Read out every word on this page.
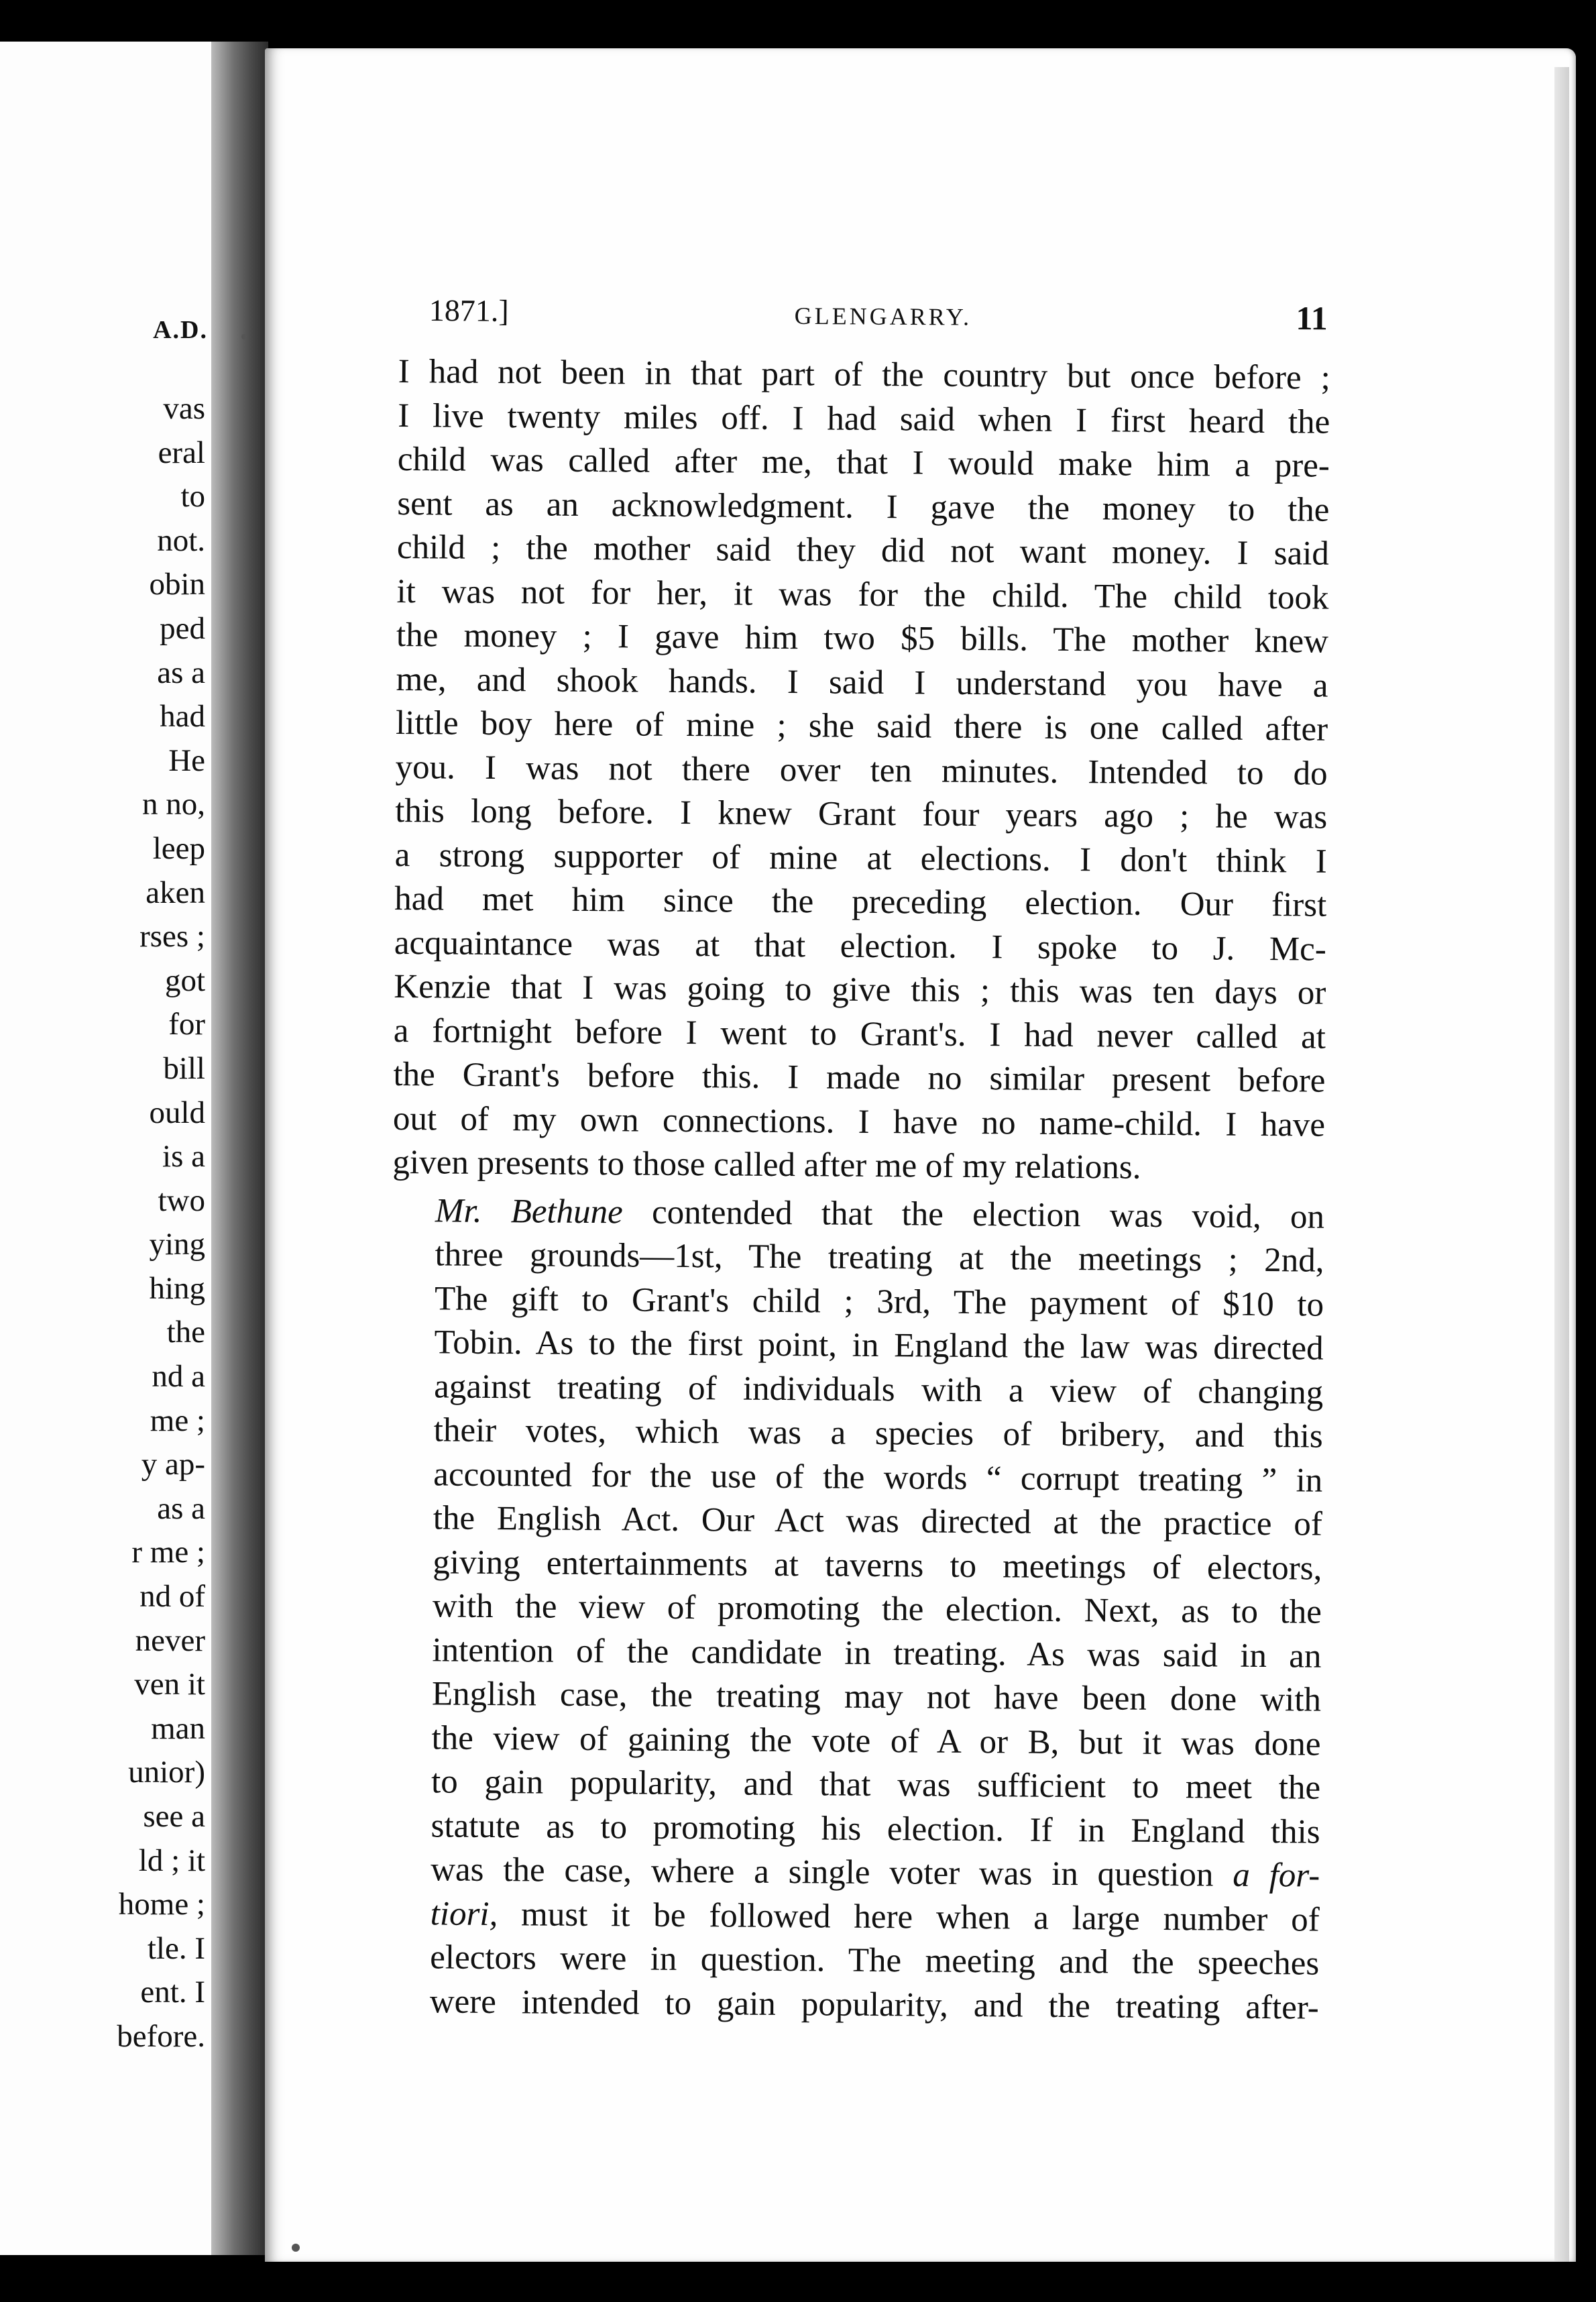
A.D.
vas
eral
to
not.
obin
ped
as a
had
He
n no,
leep
aken
rses ;
got
for
bill
ould
is a
two
ying
hing
the
nd a
me ;
y ap-
as a
r me ;
nd of
never
ven it
man
unior)
see a
ld ; it
home ;
tle. I
ent. I
before.
1871.]	GLENGARRY.	11

I had not been in that part of the country but once before ;
I live twenty miles off. I had said when I first heard the
child was called after me, that I would make him a pre-
sent as an acknowledgment. I gave the money to the
child ; the mother said they did not want money. I said
it was not for her, it was for the child. The child took
the money ; I gave him two $5 bills. The mother knew
me, and shook hands. I said I understand you have a
little boy here of mine ; she said there is one called after
you. I was not there over ten minutes. Intended to do
this long before. I knew Grant four years ago ; he was
a strong supporter of mine at elections. I don't think I
had met him since the preceding election. Our first
acquaintance was at that election. I spoke to J. Mc-
Kenzie that I was going to give this ; this was ten days or
a fortnight before I went to Grant's. I had never called at
the Grant's before this. I made no similar present before
out of my own connections. I have no name-child. I have
given presents to those called after me of my relations.

Mr. Bethune contended that the election was void, on
three grounds—1st, The treating at the meetings ; 2nd,
The gift to Grant's child ; 3rd, The payment of $10 to
Tobin. As to the first point, in England the law was directed
against treating of individuals with a view of changing
their votes, which was a species of bribery, and this
accounted for the use of the words “ corrupt treating ” in
the English Act. Our Act was directed at the practice of
giving entertainments at taverns to meetings of electors,
with the view of promoting the election. Next, as to the
intention of the candidate in treating. As was said in an
English case, the treating may not have been done with
the view of gaining the vote of A or B, but it was done
to gain popularity, and that was sufficient to meet the
statute as to promoting his election. If in England this
was the case, where a single voter was in question a for-
tiori, must it be followed here when a large number of
electors were in question. The meeting and the speeches
were intended to gain popularity, and the treating after-
